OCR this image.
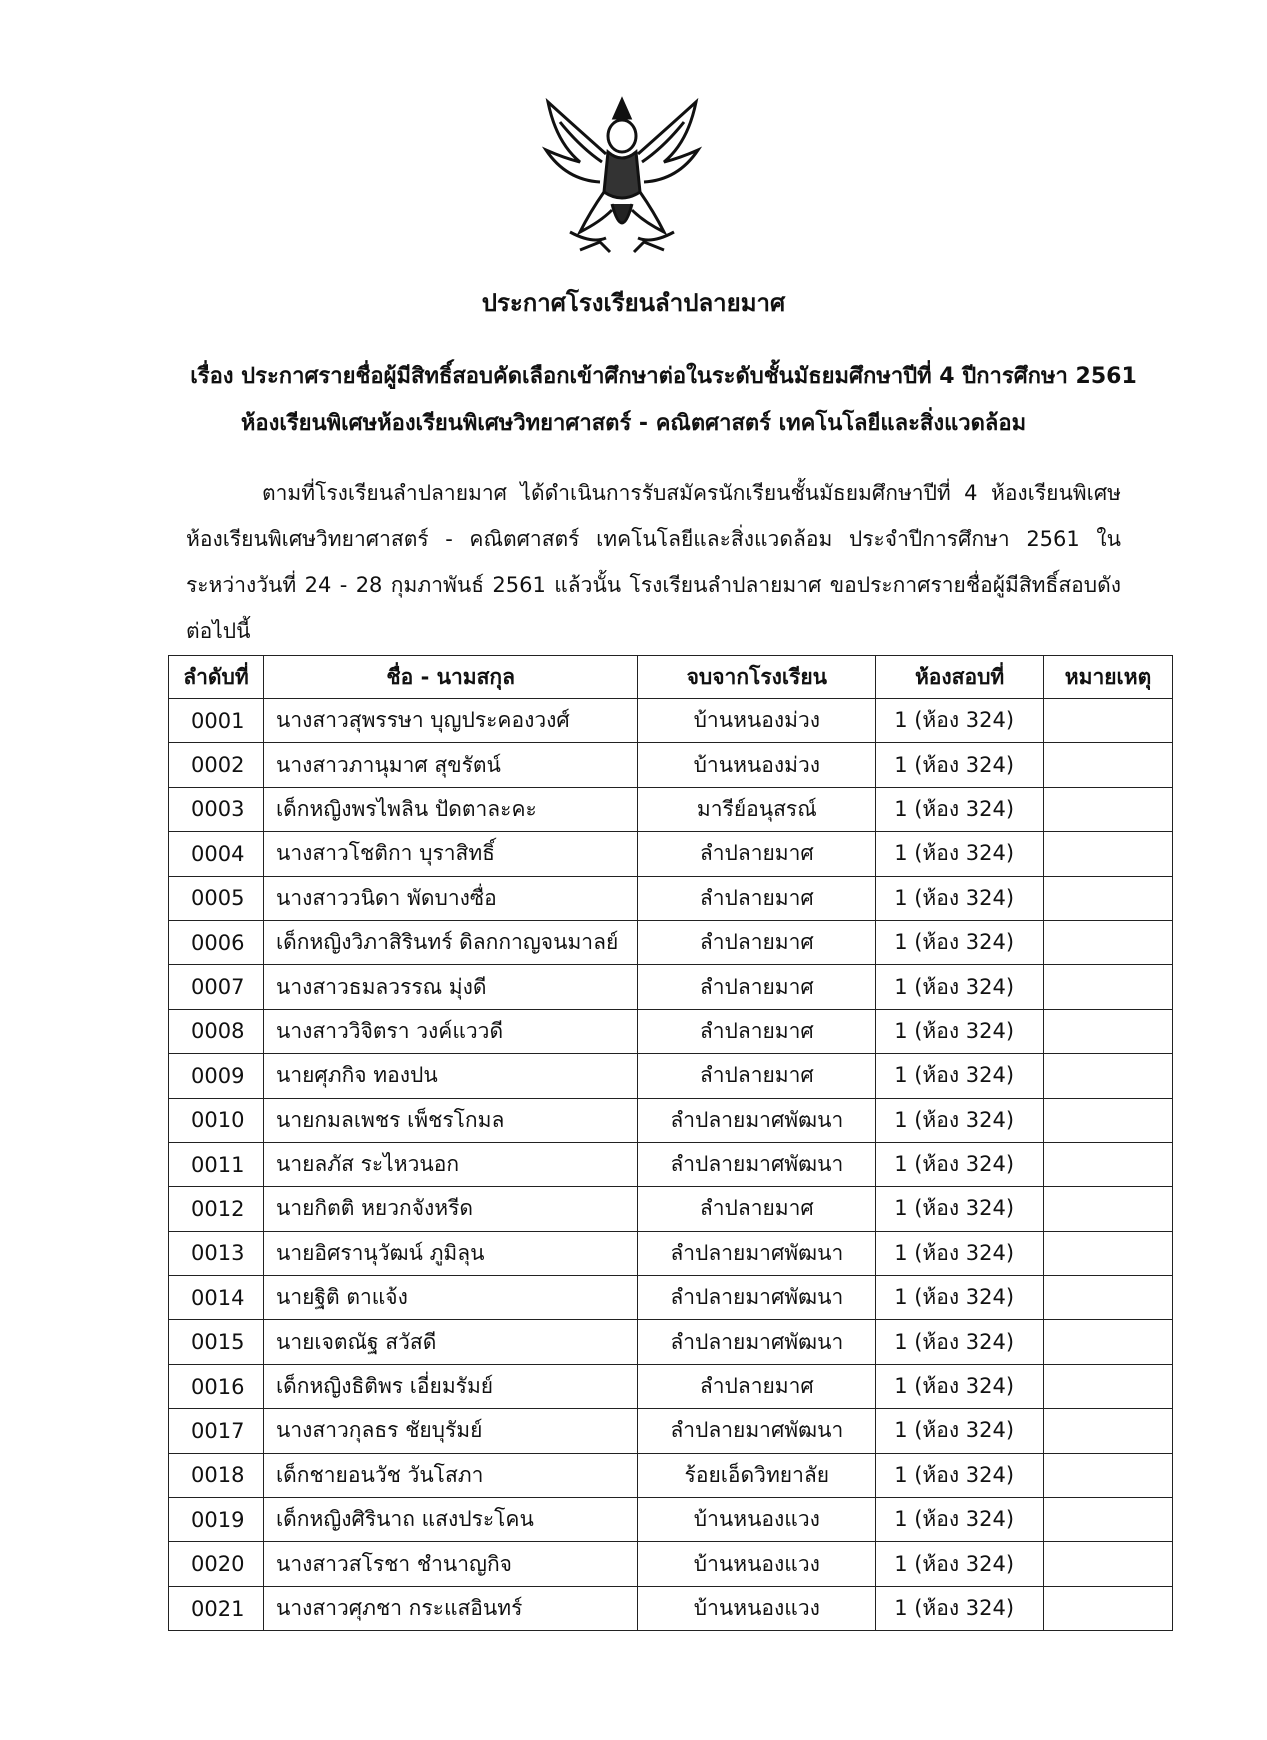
ประกาศโรงเรียนลำปลายมาศ
เรื่อง ประกาศรายชื่อผู้มีสิทธิ์สอบคัดเลือกเข้าศึกษาต่อในระดับชั้นมัธยมศึกษาปีที่ 4 ปีการศึกษา 2561
ห้องเรียนพิเศษห้องเรียนพิเศษวิทยาศาสตร์ - คณิตศาสตร์ เทคโนโลยีและสิ่งแวดล้อม
ตามที่โรงเรียนลำปลายมาศ ได้ดำเนินการรับสมัครนักเรียนชั้นมัธยมศึกษาปีที่ 4 ห้องเรียนพิเศษห้องเรียนพิเศษวิทยาศาสตร์ - คณิตศาสตร์ เทคโนโลยีและสิ่งแวดล้อม ประจำปีการศึกษา 2561 ในระหว่างวันที่ 24 - 28 กุมภาพันธ์ 2561 แล้วนั้น โรงเรียนลำปลายมาศ ขอประกาศรายชื่อผู้มีสิทธิ์สอบดังต่อไปนี้
ลำดับที่	ชื่อ - นามสกุล	จบจากโรงเรียน	ห้องสอบที่	หมายเหตุ
0001	นางสาวสุพรรษา บุญประคองวงศ์	บ้านหนองม่วง	1 (ห้อง 324)	
0002	นางสาวภานุมาศ สุขรัตน์	บ้านหนองม่วง	1 (ห้อง 324)	
0003	เด็กหญิงพรไพลิน ปัดตาละคะ	มารีย์อนุสรณ์	1 (ห้อง 324)	
0004	นางสาวโชติกา บุราสิทธิ์	ลำปลายมาศ	1 (ห้อง 324)	
0005	นางสาววนิดา พัดบางซื่อ	ลำปลายมาศ	1 (ห้อง 324)	
0006	เด็กหญิงวิภาสิรินทร์ ดิลกกาญจนมาลย์	ลำปลายมาศ	1 (ห้อง 324)	
0007	นางสาวธมลวรรณ มุ่งดี	ลำปลายมาศ	1 (ห้อง 324)	
0008	นางสาววิจิตรา วงค์แววดี	ลำปลายมาศ	1 (ห้อง 324)	
0009	นายศุภกิจ ทองปน	ลำปลายมาศ	1 (ห้อง 324)	
0010	นายกมลเพชร เพ็ชรโกมล	ลำปลายมาศพัฒนา	1 (ห้อง 324)	
0011	นายลภัส ระไหวนอก	ลำปลายมาศพัฒนา	1 (ห้อง 324)	
0012	นายกิตติ หยวกจังหรีด	ลำปลายมาศ	1 (ห้อง 324)	
0013	นายอิศรานุวัฒน์ ภูมิลุน	ลำปลายมาศพัฒนา	1 (ห้อง 324)	
0014	นายฐิติ ตาแจ้ง	ลำปลายมาศพัฒนา	1 (ห้อง 324)	
0015	นายเจตณัฐ สวัสดี	ลำปลายมาศพัฒนา	1 (ห้อง 324)	
0016	เด็กหญิงธิติพร เอี่ยมรัมย์	ลำปลายมาศ	1 (ห้อง 324)	
0017	นางสาวกุลธร ชัยบุรัมย์	ลำปลายมาศพัฒนา	1 (ห้อง 324)	
0018	เด็กชายอนวัช วันโสภา	ร้อยเอ็ดวิทยาลัย	1 (ห้อง 324)	
0019	เด็กหญิงศิรินาถ แสงประโคน	บ้านหนองแวง	1 (ห้อง 324)	
0020	นางสาวสโรชา ชำนาญกิจ	บ้านหนองแวง	1 (ห้อง 324)	
0021	นางสาวศุภชา กระแสอินทร์	บ้านหนองแวง	1 (ห้อง 324)	
